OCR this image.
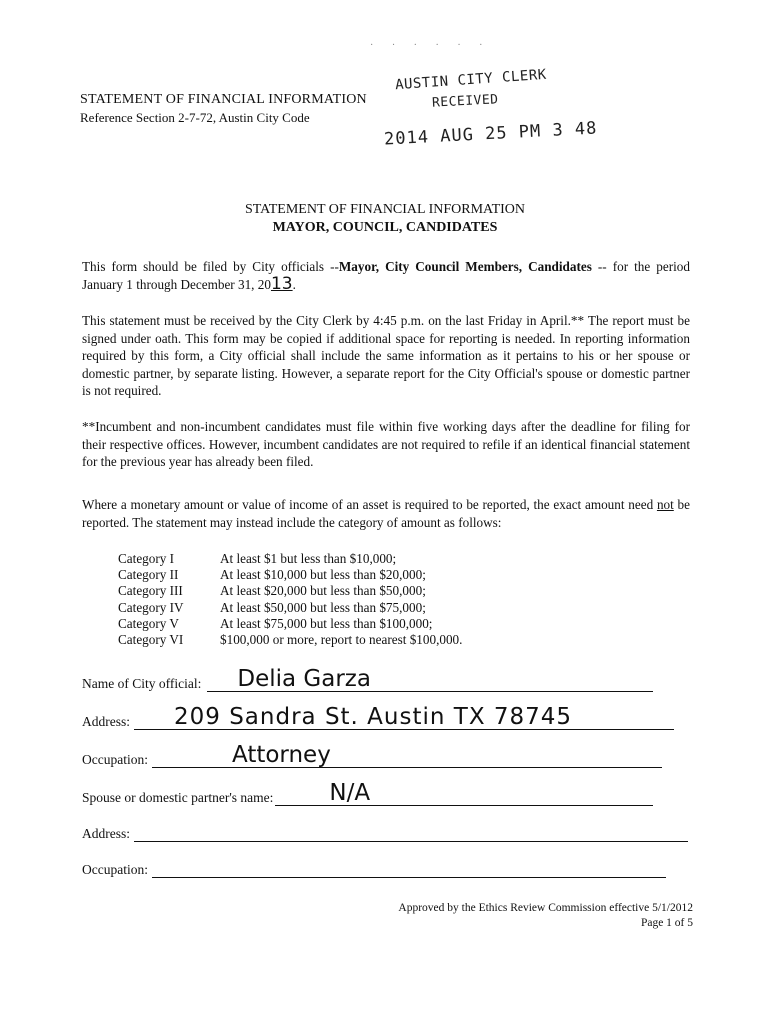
· · · · · ·
STATEMENT OF FINANCIAL INFORMATION
Reference Section 2-7-72, Austin City Code
AUSTIN CITY CLERK
RECEIVED
2014 AUG 25 PM 3 48
STATEMENT OF FINANCIAL INFORMATION
MAYOR, COUNCIL, CANDIDATES
This form should be filed by City officials --Mayor, City Council Members, Candidates -- for the period January 1 through December 31, 2013.
This statement must be received by the City Clerk by 4:45 p.m. on the last Friday in April.** The report must be signed under oath. This form may be copied if additional space for reporting is needed. In reporting information required by this form, a City official shall include the same information as it pertains to his or her spouse or domestic partner, by separate listing. However, a separate report for the City Official's spouse or domestic partner is not required.
**Incumbent and non-incumbent candidates must file within five working days after the deadline for filing for their respective offices. However, incumbent candidates are not required to refile if an identical financial statement for the previous year has already been filed.
Where a monetary amount or value of income of an asset is required to be reported, the exact amount need not be reported. The statement may instead include the category of amount as follows:
Category I	At least $1 but less than $10,000;
Category II	At least $10,000 but less than $20,000;
Category III	At least $20,000 but less than $50,000;
Category IV	At least $50,000 but less than $75,000;
Category V	At least $75,000 but less than $100,000;
Category VI	$100,000 or more, report to nearest $100,000.
Name of City official: Delia Garza
Address: 209 Sandra St. Austin TX 78745
Occupation:	Attorney
Spouse or domestic partner's name: N/A
Address:
Occupation:
Approved by the Ethics Review Commission effective 5/1/2012
Page 1 of 5
